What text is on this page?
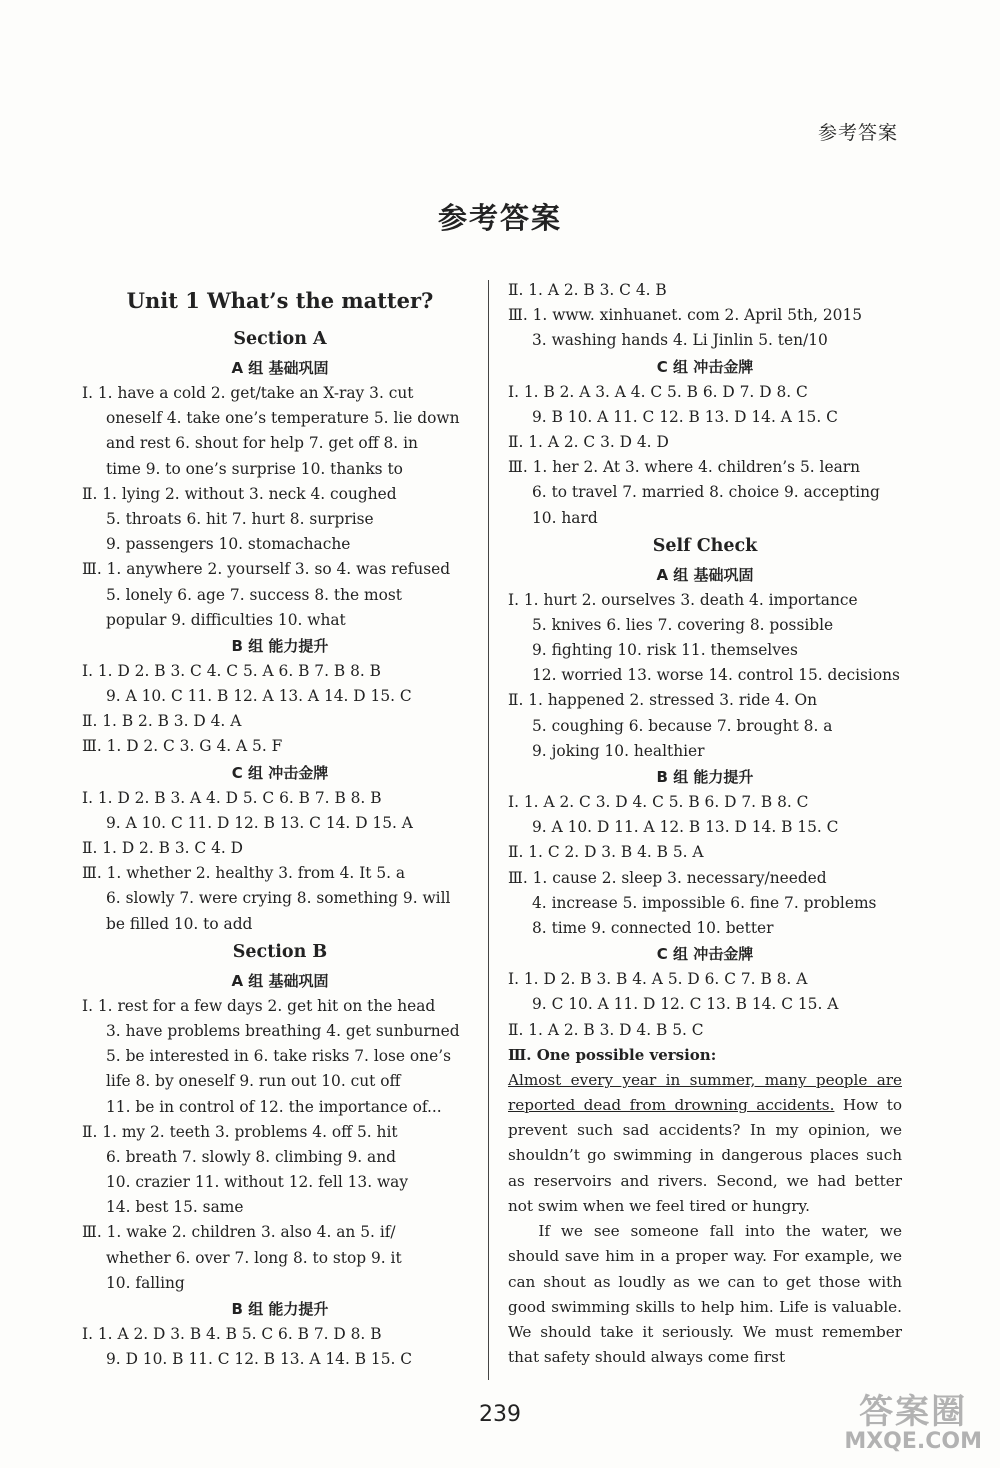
参考答案
参考答案
Unit 1 What’s the matter?
Section A
A 组 基础巩固
Ⅰ. 1. have a cold 2. get/take an X-ray 3. cut
oneself 4. take one’s temperature 5. lie down
and rest 6. shout for help 7. get off 8. in
time 9. to one’s surprise 10. thanks to
Ⅱ. 1. lying 2. without 3. neck 4. coughed
5. throats 6. hit 7. hurt 8. surprise
9. passengers 10. stomachache
Ⅲ. 1. anywhere 2. yourself 3. so 4. was refused
5. lonely 6. age 7. success 8. the most
popular 9. difficulties 10. what
B 组 能力提升
Ⅰ. 1. D 2. B 3. C 4. C 5. A 6. B 7. B 8. B
9. A 10. C 11. B 12. A 13. A 14. D 15. C
Ⅱ. 1. B 2. B 3. D 4. A
Ⅲ. 1. D 2. C 3. G 4. A 5. F
C 组 冲击金牌
Ⅰ. 1. D 2. B 3. A 4. D 5. C 6. B 7. B 8. B
9. A 10. C 11. D 12. B 13. C 14. D 15. A
Ⅱ. 1. D 2. B 3. C 4. D
Ⅲ. 1. whether 2. healthy 3. from 4. It 5. a
6. slowly 7. were crying 8. something 9. will
be filled 10. to add
Section B
A 组 基础巩固
Ⅰ. 1. rest for a few days 2. get hit on the head
3. have problems breathing 4. get sunburned
5. be interested in 6. take risks 7. lose one’s
life 8. by oneself 9. run out 10. cut off
11. be in control of 12. the importance of...
Ⅱ. 1. my 2. teeth 3. problems 4. off 5. hit
6. breath 7. slowly 8. climbing 9. and
10. crazier 11. without 12. fell 13. way
14. best 15. same
Ⅲ. 1. wake 2. children 3. also 4. an 5. if/
whether 6. over 7. long 8. to stop 9. it
10. falling
B 组 能力提升
Ⅰ. 1. A 2. D 3. B 4. B 5. C 6. B 7. D 8. B
9. D 10. B 11. C 12. B 13. A 14. B 15. C
Ⅱ. 1. A 2. B 3. C 4. B
Ⅲ. 1. www. xinhuanet. com 2. April 5th, 2015
3. washing hands 4. Li Jinlin 5. ten/10
C 组 冲击金牌
Ⅰ. 1. B 2. A 3. A 4. C 5. B 6. D 7. D 8. C
9. B 10. A 11. C 12. B 13. D 14. A 15. C
Ⅱ. 1. A 2. C 3. D 4. D
Ⅲ. 1. her 2. At 3. where 4. children’s 5. learn
6. to travel 7. married 8. choice 9. accepting
10. hard
Self Check
A 组 基础巩固
Ⅰ. 1. hurt 2. ourselves 3. death 4. importance
5. knives 6. lies 7. covering 8. possible
9. fighting 10. risk 11. themselves
12. worried 13. worse 14. control 15. decisions
Ⅱ. 1. happened 2. stressed 3. ride 4. On
5. coughing 6. because 7. brought 8. a
9. joking 10. healthier
B 组 能力提升
Ⅰ. 1. A 2. C 3. D 4. C 5. B 6. D 7. B 8. C
9. A 10. D 11. A 12. B 13. D 14. B 15. C
Ⅱ. 1. C 2. D 3. B 4. B 5. A
Ⅲ. 1. cause 2. sleep 3. necessary/needed
4. increase 5. impossible 6. fine 7. problems
8. time 9. connected 10. better
C 组 冲击金牌
Ⅰ. 1. D 2. B 3. B 4. A 5. D 6. C 7. B 8. A
9. C 10. A 11. D 12. C 13. B 14. C 15. A
Ⅱ. 1. A 2. B 3. D 4. B 5. C
Ⅲ. One possible version:

Almost every year in summer, many people are reported dead from drowning accidents. How to prevent such sad accidents? In my opinion, we shouldn’t go swimming in dangerous places such as reservoirs and rivers. Second, we had better not swim when we feel tired or hungry.

If we see someone fall into the water, we should save him in a proper way. For example, we can shout as loudly as we can to get those with good swimming skills to help him. Life is valuable. We should take it seriously. We must remember that safety should always come first

239	答案圈
MXQE.COM
